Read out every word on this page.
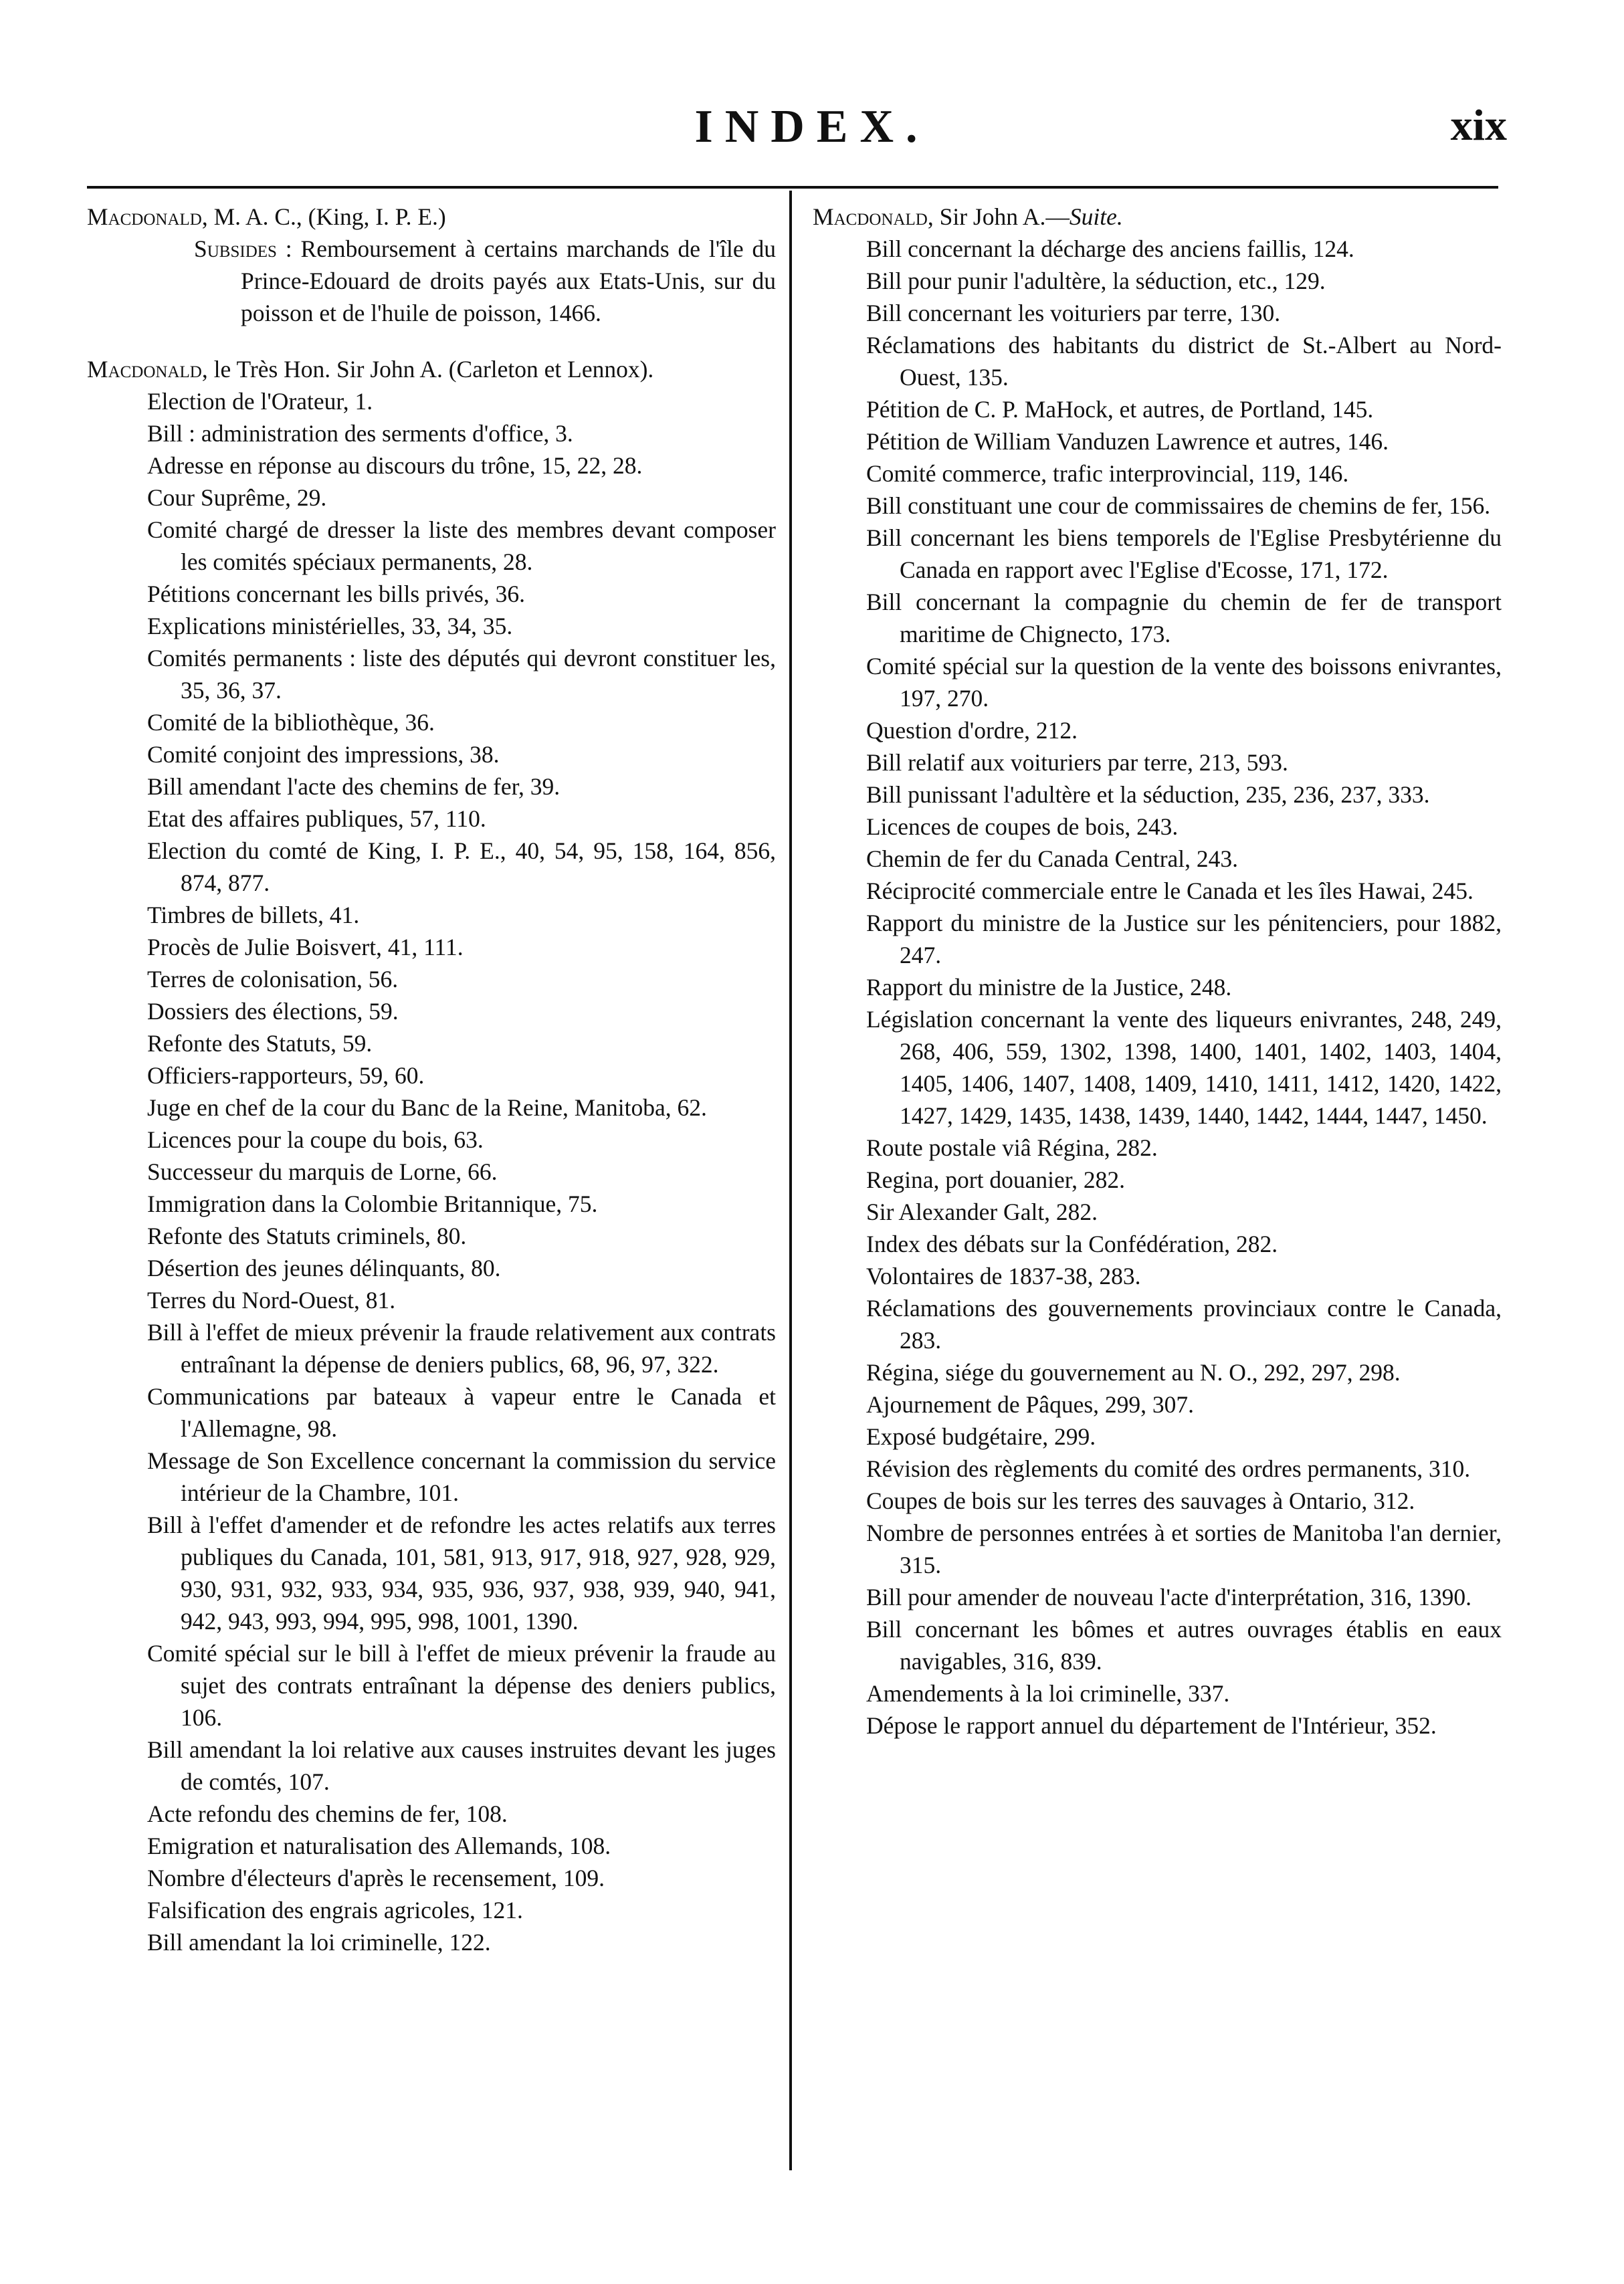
INDEX.	xix
Macdonald, M. A. C., (King, I. P. E.)
Subsides : Remboursement à certains marchands de l'île du Prince-Edouard de droits payés aux Etats-Unis, sur du poisson et de l'huile de poisson, 1466.
Macdonald, le Très Hon. Sir John A. (Carleton et Lennox).
Election de l'Orateur, 1.
Bill : administration des serments d'office, 3.
Adresse en réponse au discours du trône, 15, 22, 28.
Cour Suprême, 29.
Comité chargé de dresser la liste des membres devant composer les comités spéciaux permanents, 28.
Pétitions concernant les bills privés, 36.
Explications ministérielles, 33, 34, 35.
Comités permanents : liste des députés qui devront constituer les, 35, 36, 37.
Comité de la bibliothèque, 36.
Comité conjoint des impressions, 38.
Bill amendant l'acte des chemins de fer, 39.
Etat des affaires publiques, 57, 110.
Election du comté de King, I. P. E., 40, 54, 95, 158, 164, 856, 874, 877.
Timbres de billets, 41.
Procès de Julie Boisvert, 41, 111.
Terres de colonisation, 56.
Dossiers des élections, 59.
Refonte des Statuts, 59.
Officiers-rapporteurs, 59, 60.
Juge en chef de la cour du Banc de la Reine, Manitoba, 62.
Licences pour la coupe du bois, 63.
Successeur du marquis de Lorne, 66.
Immigration dans la Colombie Britannique, 75.
Refonte des Statuts criminels, 80.
Désertion des jeunes délinquants, 80.
Terres du Nord-Ouest, 81.
Bill à l'effet de mieux prévenir la fraude relativement aux contrats entraînant la dépense de deniers publics, 68, 96, 97, 322.
Communications par bateaux à vapeur entre le Canada et l'Allemagne, 98.
Message de Son Excellence concernant la commission du service intérieur de la Chambre, 101.
Bill à l'effet d'amender et de refondre les actes relatifs aux terres publiques du Canada, 101, 581, 913, 917, 918, 927, 928, 929, 930, 931, 932, 933, 934, 935, 936, 937, 938, 939, 940, 941, 942, 943, 993, 994, 995, 998, 1001, 1390.
Comité spécial sur le bill à l'effet de mieux prévenir la fraude au sujet des contrats entraînant la dépense des deniers publics, 106.
Bill amendant la loi relative aux causes instruites devant les juges de comtés, 107.
Acte refondu des chemins de fer, 108.
Emigration et naturalisation des Allemands, 108.
Nombre d'électeurs d'après le recensement, 109.
Falsification des engrais agricoles, 121.
Bill amendant la loi criminelle, 122.
Macdonald, Sir John A.—Suite.
Bill concernant la décharge des anciens faillis, 124.
Bill pour punir l'adultère, la séduction, etc., 129.
Bill concernant les voituriers par terre, 130.
Réclamations des habitants du district de St.-Albert au Nord-Ouest, 135.
Pétition de C. P. MaHock, et autres, de Portland, 145.
Pétition de William Vanduzen Lawrence et autres, 146.
Comité commerce, trafic interprovincial, 119, 146.
Bill constituant une cour de commissaires de chemins de fer, 156.
Bill concernant les biens temporels de l'Eglise Presbytérienne du Canada en rapport avec l'Eglise d'Ecosse, 171, 172.
Bill concernant la compagnie du chemin de fer de transport maritime de Chignecto, 173.
Comité spécial sur la question de la vente des boissons enivrantes, 197, 270.
Question d'ordre, 212.
Bill relatif aux voituriers par terre, 213, 593.
Bill punissant l'adultère et la séduction, 235, 236, 237, 333.
Licences de coupes de bois, 243.
Chemin de fer du Canada Central, 243.
Réciprocité commerciale entre le Canada et les îles Hawai, 245.
Rapport du ministre de la Justice sur les pénitenciers, pour 1882, 247.
Rapport du ministre de la Justice, 248.
Législation concernant la vente des liqueurs enivrantes, 248, 249, 268, 406, 559, 1302, 1398, 1400, 1401, 1402, 1403, 1404, 1405, 1406, 1407, 1408, 1409, 1410, 1411, 1412, 1420, 1422, 1427, 1429, 1435, 1438, 1439, 1440, 1442, 1444, 1447, 1450.
Route postale viâ Régina, 282.
Regina, port douanier, 282.
Sir Alexander Galt, 282.
Index des débats sur la Confédération, 282.
Volontaires de 1837-38, 283.
Réclamations des gouvernements provinciaux contre le Canada, 283.
Régina, siége du gouvernement au N. O., 292, 297, 298.
Ajournement de Pâques, 299, 307.
Exposé budgétaire, 299.
Révision des règlements du comité des ordres permanents, 310.
Coupes de bois sur les terres des sauvages à Ontario, 312.
Nombre de personnes entrées à et sorties de Manitoba l'an dernier, 315.
Bill pour amender de nouveau l'acte d'interprétation, 316, 1390.
Bill concernant les bômes et autres ouvrages établis en eaux navigables, 316, 839.
Amendements à la loi criminelle, 337.
Dépose le rapport annuel du département de l'Intérieur, 352.
